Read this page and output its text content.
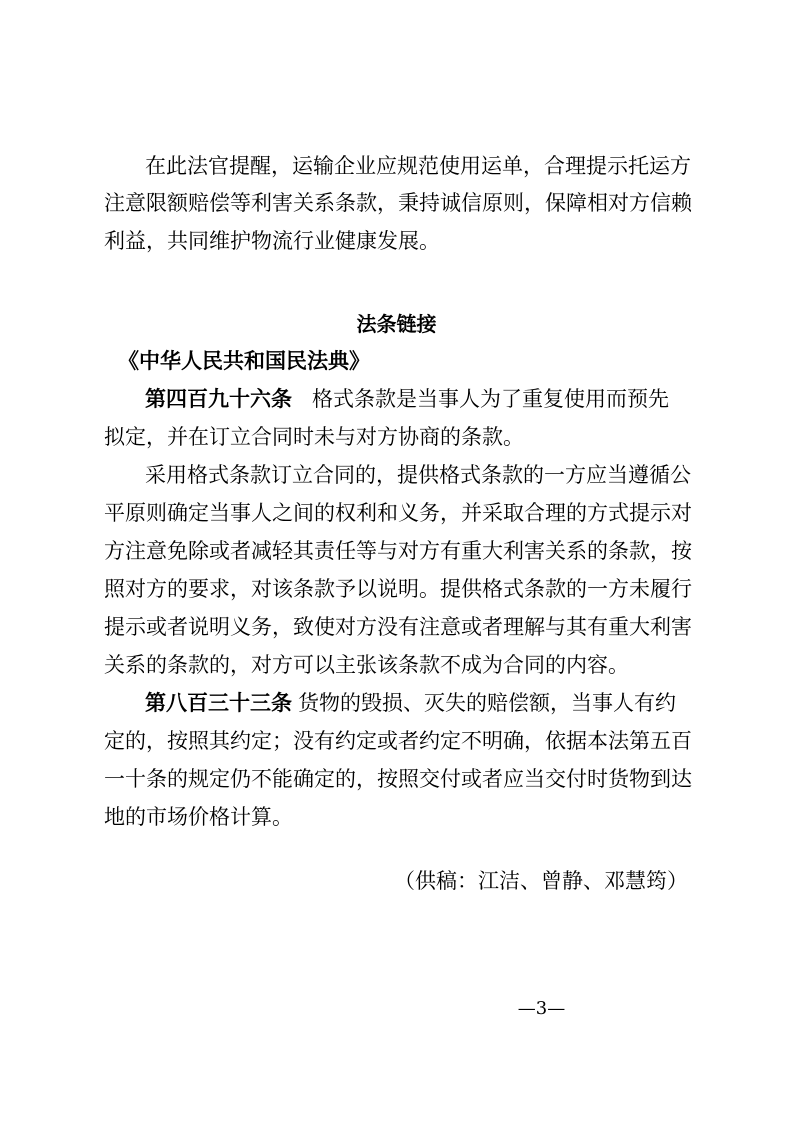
在此法官提醒，运输企业应规范使用运单，合理提示托运方
注意限额赔偿等利害关系条款，秉持诚信原则，保障相对方信赖
利益，共同维护物流行业健康发展。
法条链接
《中华人民共和国民法典》
第四百九十六条 格式条款是当事人为了重复使用而预先
拟定，并在订立合同时未与对方协商的条款。
采用格式条款订立合同的，提供格式条款的一方应当遵循公
平原则确定当事人之间的权利和义务，并采取合理的方式提示对
方注意免除或者减轻其责任等与对方有重大利害关系的条款，按
照对方的要求，对该条款予以说明。提供格式条款的一方未履行
提示或者说明义务，致使对方没有注意或者理解与其有重大利害
关系的条款的，对方可以主张该条款不成为合同的内容。
第八百三十三条 货物的毁损、灭失的赔偿额，当事人有约
定的，按照其约定；没有约定或者约定不明确，依据本法第五百
一十条的规定仍不能确定的，按照交付或者应当交付时货物到达
地的市场价格计算。
（供稿：江洁、曾静、邓慧筠）
—3—
